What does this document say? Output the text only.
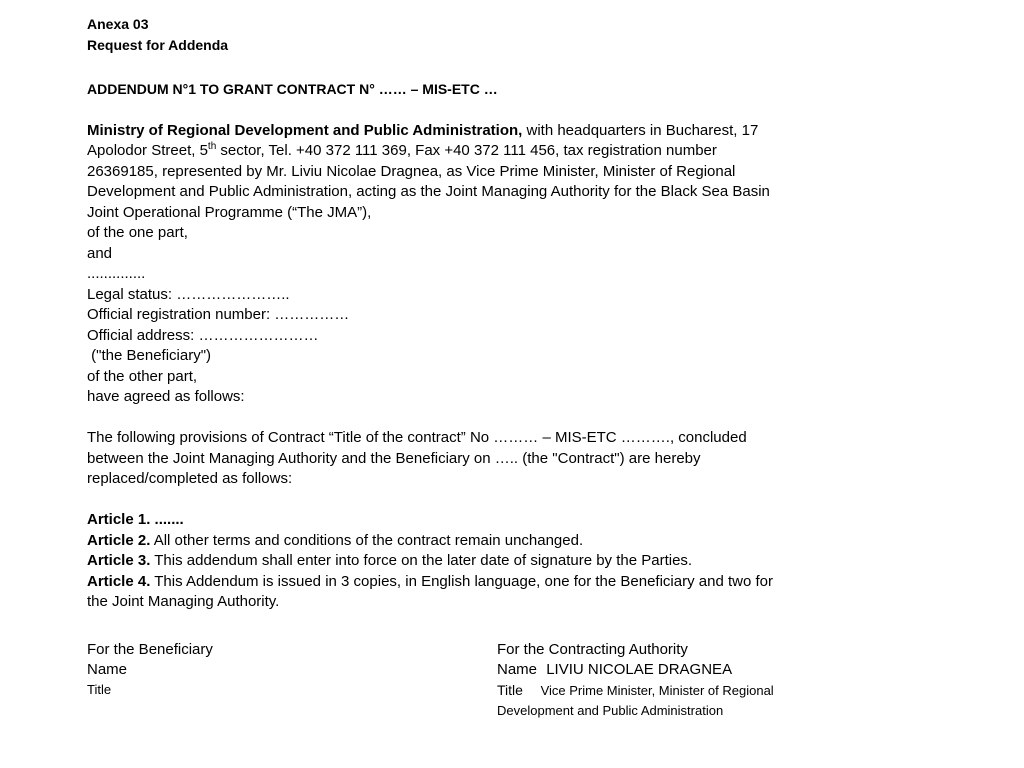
Anexa 03
Request for Addenda
ADDENDUM N°1 TO GRANT CONTRACT N° …… – MIS-ETC …
Ministry of Regional Development and Public Administration, with headquarters in Bucharest, 17
Apolodor Street, 5th sector, Tel. +40 372 111 369, Fax +40 372 111 456, tax registration number
26369185, represented by Mr. Liviu Nicolae Dragnea, as Vice Prime Minister, Minister of Regional
Development and Public Administration, acting as the Joint Managing Authority for the Black Sea Basin
Joint Operational Programme (“The JMA”),
of the one part,
and
..............
Legal status: …………………..
Official registration number: ……………
Official address: ……………………
("the Beneficiary")
of the other part,
have agreed as follows:
The following provisions of Contract “Title of the contract” No ……… – MIS-ETC ………., concluded
between the Joint Managing Authority and the Beneficiary on ….. (the "Contract") are hereby
replaced/completed as follows:
Article 1. .......
Article 2. All other terms and conditions of the contract remain unchanged.
Article 3. This addendum shall enter into force on the later date of signature by the Parties.
Article 4. This Addendum is issued in 3 copies, in English language, one for the Beneficiary and two for
the Joint Managing Authority.
For the Beneficiary
Name
Title
For the Contracting Authority
Name LIVIU NICOLAE DRAGNEA
Title Vice Prime Minister, Minister of Regional
Development and Public Administration
